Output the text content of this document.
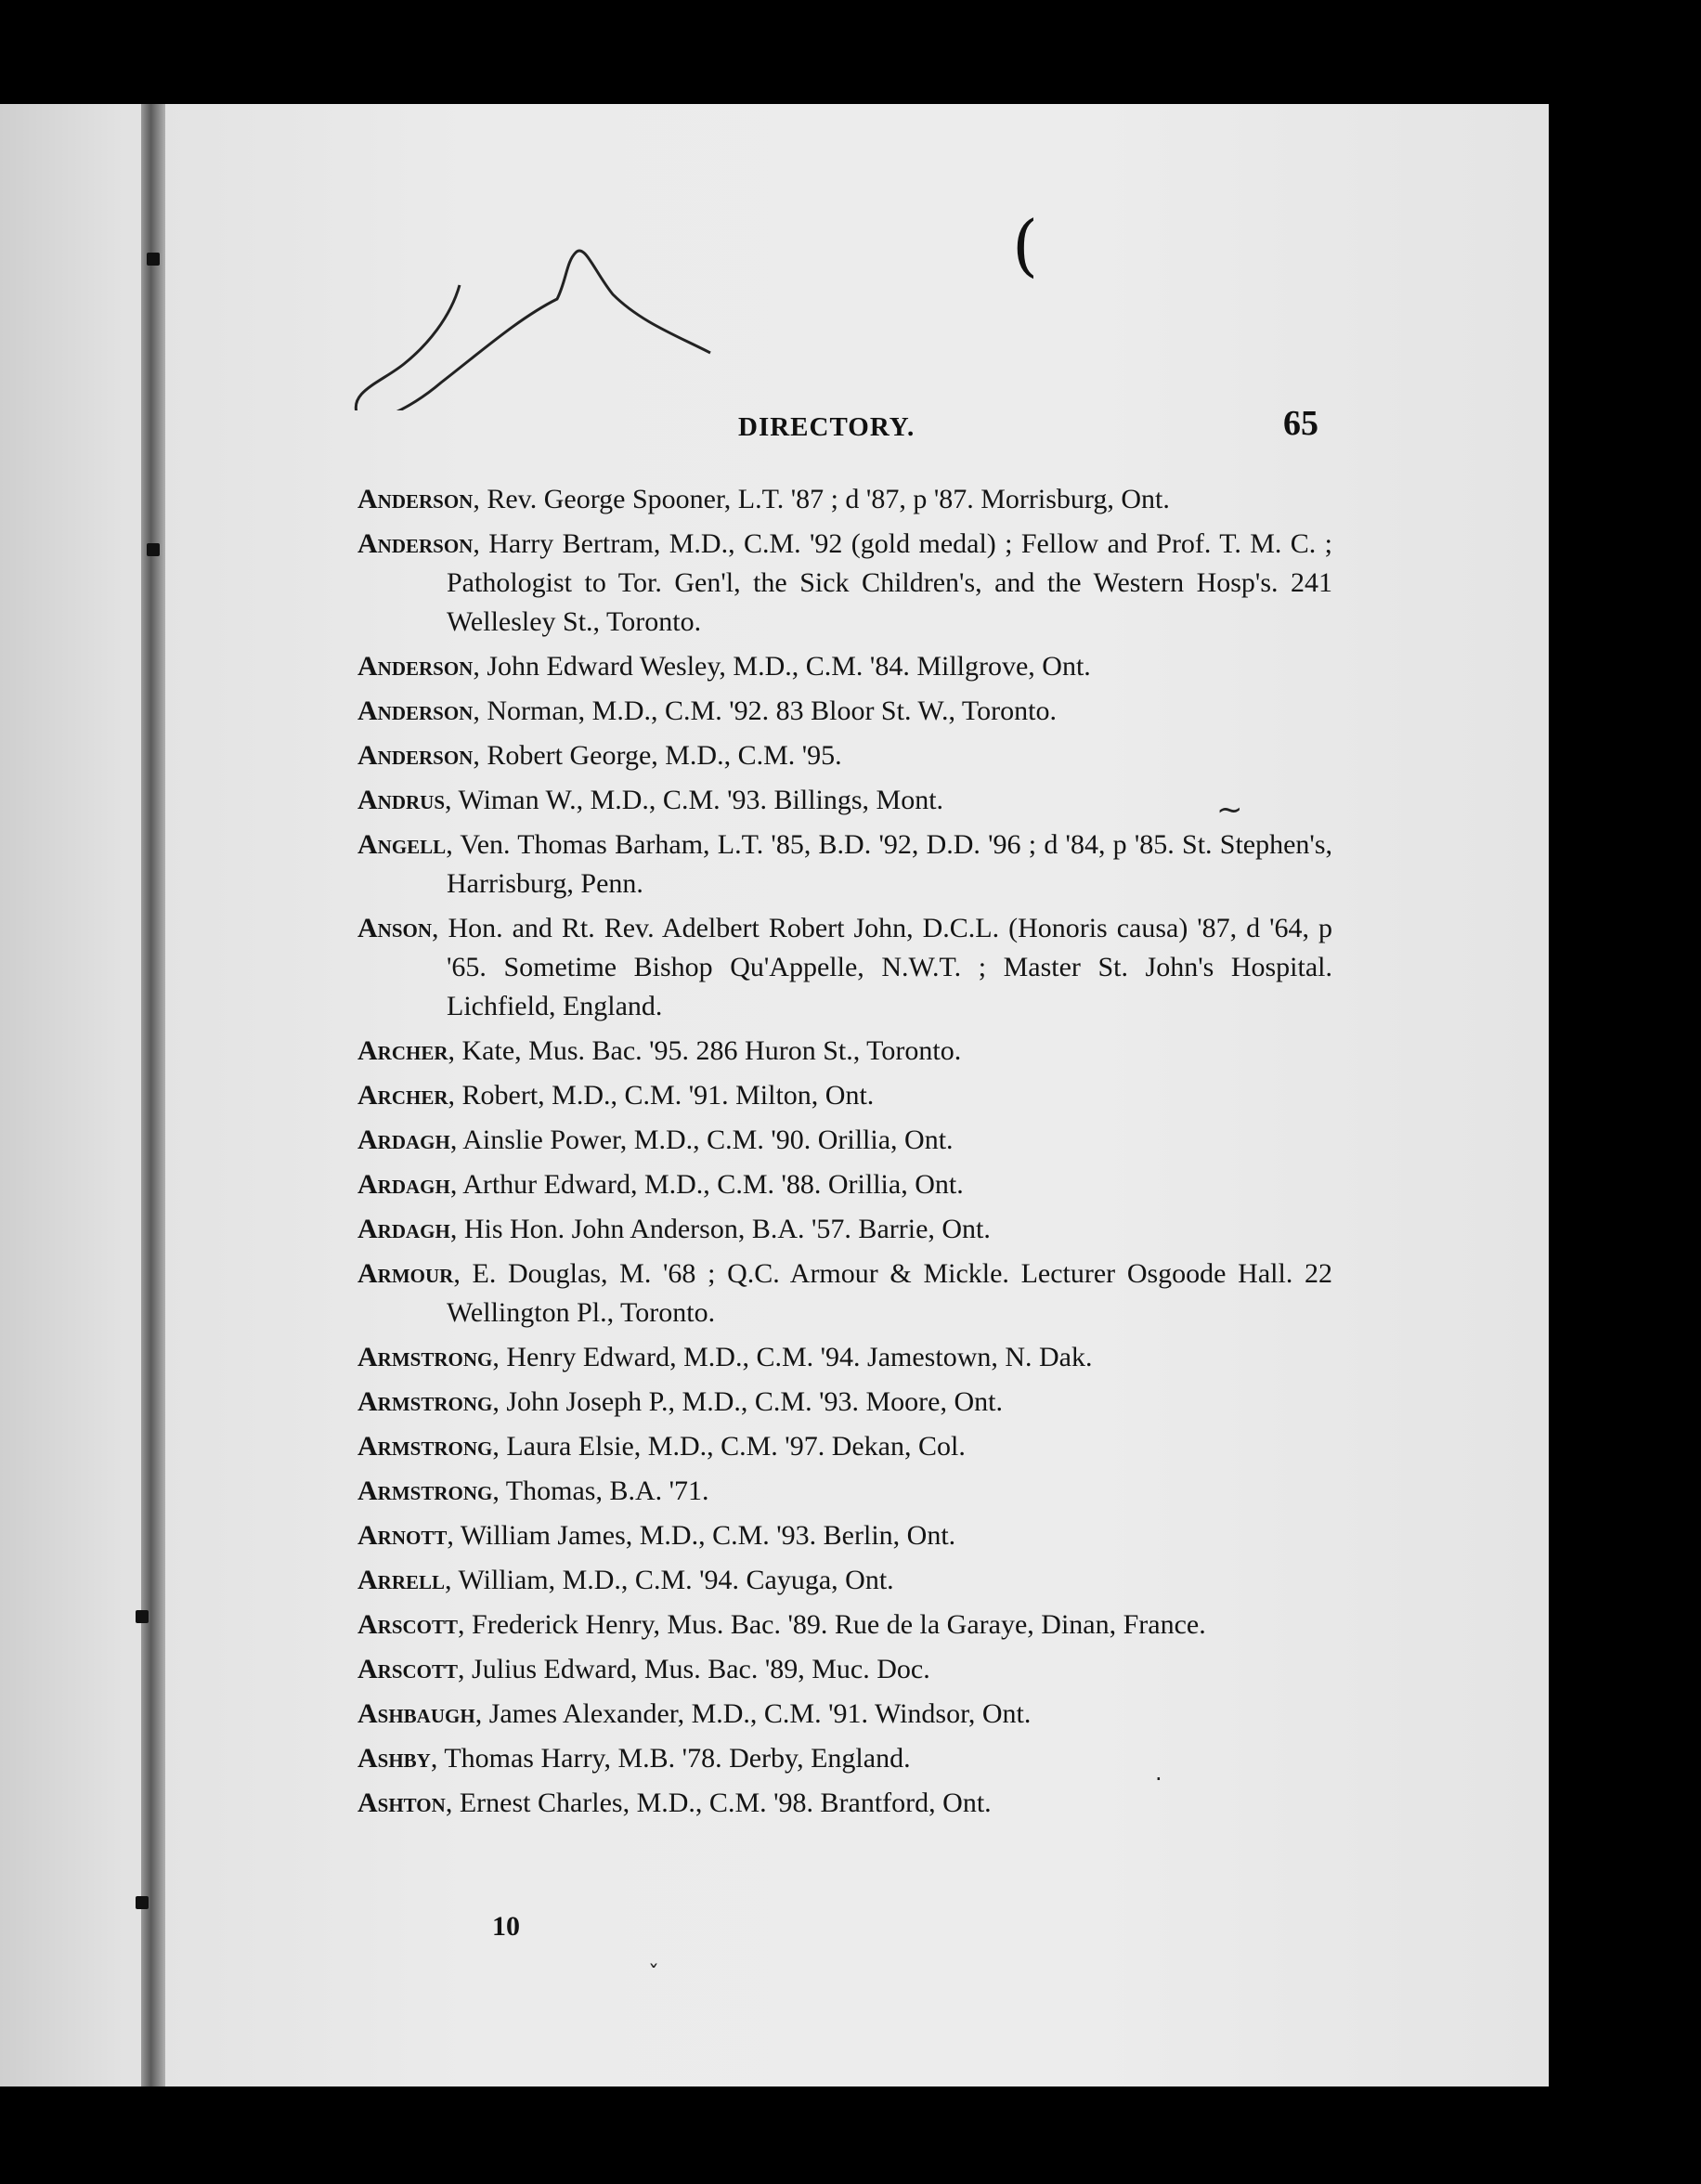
(
DIRECTORY.	65
Anderson, Rev. George Spooner, L.T. '87 ; d '87, p '87. Morrisburg, Ont.
Anderson, Harry Bertram, M.D., C.M. '92 (gold medal) ; Fellow and Prof. T. M. C. ; Pathologist to Tor. Gen'l, the Sick Children's, and the Western Hosp's. 241 Wellesley St., Toronto.
Anderson, John Edward Wesley, M.D., C.M. '84. Millgrove, Ont.
Anderson, Norman, M.D., C.M. '92. 83 Bloor St. W., Toronto.
Anderson, Robert George, M.D., C.M. '95.
Andrus, Wiman W., M.D., C.M. '93. Billings, Mont.
Angell, Ven. Thomas Barham, L.T. '85, B.D. '92, D.D. '96 ; d '84, p '85. St. Stephen's, Harrisburg, Penn.
Anson, Hon. and Rt. Rev. Adelbert Robert John, D.C.L. (Honoris causa) '87, d '64, p '65. Sometime Bishop Qu'Appelle, N.W.T. ; Master St. John's Hospital. Lichfield, England.
Archer, Kate, Mus. Bac. '95. 286 Huron St., Toronto.
Archer, Robert, M.D., C.M. '91. Milton, Ont.
Ardagh, Ainslie Power, M.D., C.M. '90. Orillia, Ont.
Ardagh, Arthur Edward, M.D., C.M. '88. Orillia, Ont.
Ardagh, His Hon. John Anderson, B.A. '57. Barrie, Ont.
Armour, E. Douglas, M. '68 ; Q.C. Armour & Mickle. Lecturer Osgoode Hall. 22 Wellington Pl., Toronto.
Armstrong, Henry Edward, M.D., C.M. '94. Jamestown, N. Dak.
Armstrong, John Joseph P., M.D., C.M. '93. Moore, Ont.
Armstrong, Laura Elsie, M.D., C.M. '97. Dekan, Col.
Armstrong, Thomas, B.A. '71.
Arnott, William James, M.D., C.M. '93. Berlin, Ont.
Arrell, William, M.D., C.M. '94. Cayuga, Ont.
Arscott, Frederick Henry, Mus. Bac. '89. Rue de la Garaye, Dinan, France.
Arscott, Julius Edward, Mus. Bac. '89, Muc. Doc.
Ashbaugh, James Alexander, M.D., C.M. '91. Windsor, Ont.
Ashby, Thomas Harry, M.B. '78. Derby, England.
Ashton, Ernest Charles, M.D., C.M. '98. Brantford, Ont.
10
~
·
ˇ
